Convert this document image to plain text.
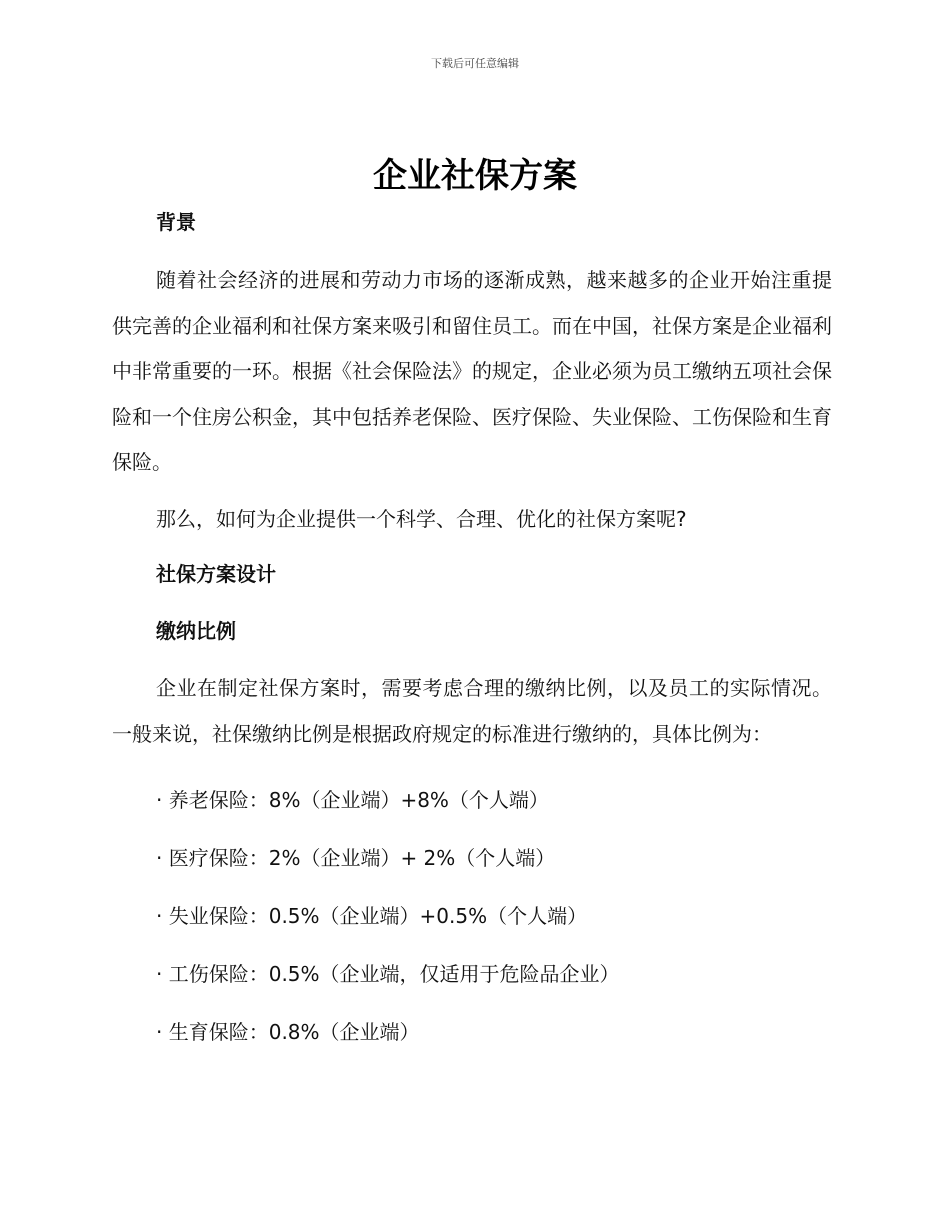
下载后可任意编辑
企业社保方案
背景

随着社会经济的进展和劳动力市场的逐渐成熟，越来越多的企业开始注重提供完善的企业福利和社保方案来吸引和留住员工。而在中国，社保方案是企业福利中非常重要的一环。根据《社会保险法》的规定，企业必须为员工缴纳五项社会保险和一个住房公积金，其中包括养老保险、医疗保险、失业保险、工伤保险和生育保险。

那么，如何为企业提供一个科学、合理、优化的社保方案呢?

社保方案设计
缴纳比例

企业在制定社保方案时，需要考虑合理的缴纳比例，以及员工的实际情况。一般来说，社保缴纳比例是根据政府规定的标准进行缴纳的，具体比例为：

· 养老保险：8%（企业端）+8%（个人端）
· 医疗保险：2%（企业端）+ 2%（个人端）
· 失业保险：0.5%（企业端）+0.5%（个人端）
· 工伤保险：0.5%（企业端，仅适用于危险品企业）
· 生育保险：0.8%（企业端）
